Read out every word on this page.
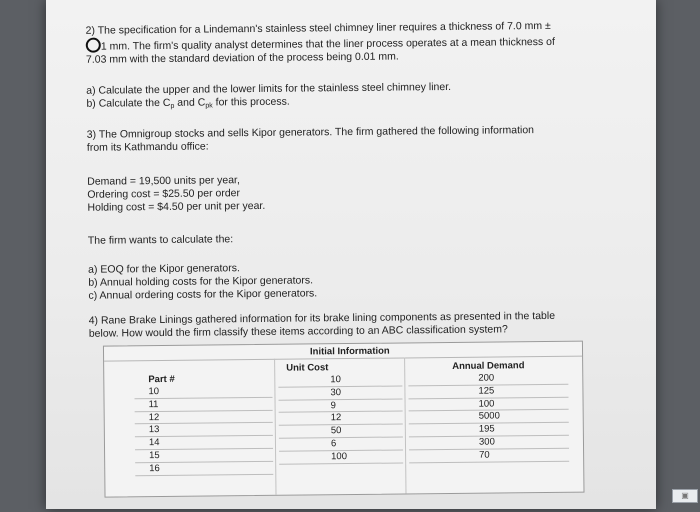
2) The specification for a Lindemann's stainless steel chimney liner requires a thickness of 7.0 mm ±
1 mm. The firm's quality analyst determines that the liner process operates at a mean thickness of
7.03 mm with the standard deviation of the process being 0.01 mm.
a) Calculate the upper and the lower limits for the stainless steel chimney liner.
b) Calculate the $C_p$ and $C_{pk}$ for this process.
3) The Omnigroup stocks and sells Kipor generators. The firm gathered the following information
from its Kathmandu office:
Demand = 19,500 units per year,
Ordering cost = $25.50 per order
Holding cost = $4.50 per unit per year.
The firm wants to calculate the:
a) EOQ for the Kipor generators.
b) Annual holding costs for the Kipor generators.
c) Annual ordering costs for the Kipor generators.
4) Rane Brake Linings gathered information for its brake lining components as presented in the table
below. How would the firm classify these items according to an ABC classification system?
Initial Information
Part #
Unit Cost	Annual Demand
10
11
12
13
14
15
16
10
30
9
12
50
6
100
200
125
100
5000
195
300
70
▣
